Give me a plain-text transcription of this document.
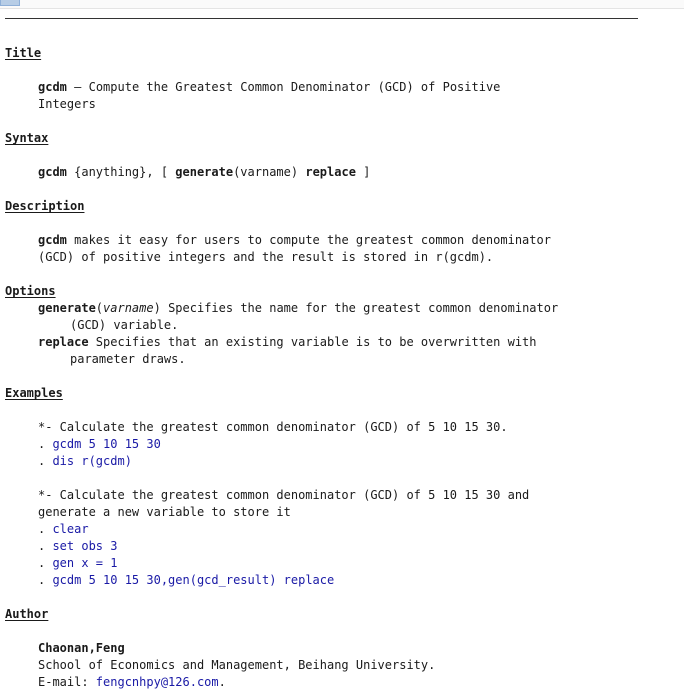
Title
gcdm — Compute the Greatest Common Denominator (GCD) of Positive
Integers
Syntax
gcdm {anything}, [ generate(varname) replace ]
Description
gcdm makes it easy for users to compute the greatest common denominator
(GCD) of positive integers and the result is stored in r(gcdm).
Options
generate(varname) Specifies the name for the greatest common denominator
(GCD) variable.
replace Specifies that an existing variable is to be overwritten with
parameter draws.
Examples
*- Calculate the greatest common denominator (GCD) of 5 10 15 30.
. gcdm 5 10 15 30
. dis r(gcdm)
*- Calculate the greatest common denominator (GCD) of 5 10 15 30 and
generate a new variable to store it
. clear
. set obs 3
. gen x = 1
. gcdm 5 10 15 30,gen(gcd_result) replace
Author
Chaonan,Feng
School of Economics and Management, Beihang University.
E-mail: fengcnhpy@126.com.
